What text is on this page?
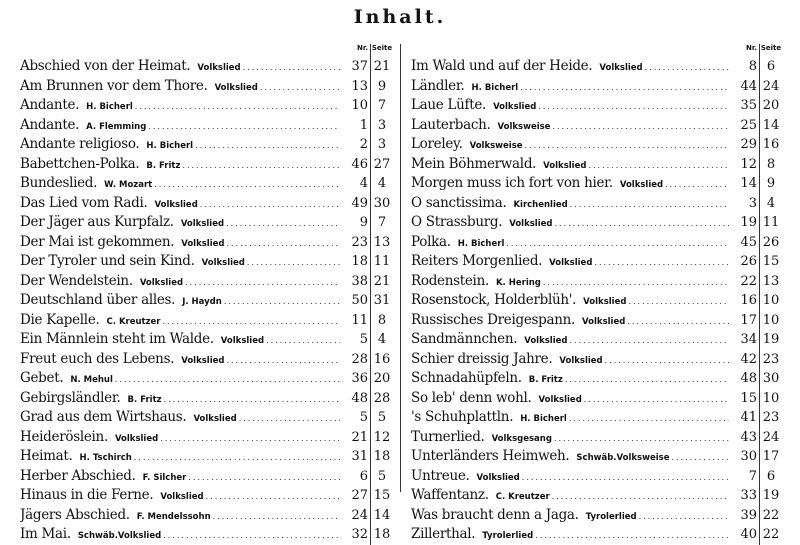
Inhalt.
Nr. Seite
Abschied von der Heimat. Volkslied .....	37 21
Am Brunnen vor dem Thore. Volkslied .....	13 9
Andante. H. Bicherl .....	10 7
Andante. A. Flemming .....	1 3
Andante religioso. H. Bicherl .....	2 3
Babettchen-Polka. B. Fritz .....	46 27
Bundeslied. W. Mozart .....	4 4
Das Lied vom Radi. Volkslied .....	49 30
Der Jäger aus Kurpfalz. Volkslied .....	9 7
Der Mai ist gekommen. Volkslied .....	23 13
Der Tyroler und sein Kind. Volkslied .....	18 11
Der Wendelstein. Volkslied .....	38 21
Deutschland über alles. J. Haydn .....	50 31
Die Kapelle. C. Kreutzer .....	11 8
Ein Männlein steht im Walde. Volkslied .....	5 4
Freut euch des Lebens. Volkslied .....	28 16
Gebet. N. Mehul .....	36 20
Gebirgsländler. B. Fritz .....	48 28
Grad aus dem Wirtshaus. Volkslied .....	5 5
Heideröslein. Volkslied .....	21 12
Heimat. H. Tschirch .....	31 18
Herber Abschied. F. Silcher .....	6 5
Hinaus in die Ferne. Volkslied .....	27 15
Jägers Abschied. F. Mendelssohn .....	24 14
Im Mai. Schwäb.Volkslied .....	32 18
Nr. Seite
Im Wald und auf der Heide. Volkslied .....	8 6
Ländler. H. Bicherl .....	44 24
Laue Lüfte. Volkslied .....	35 20
Lauterbach. Volksweise .....	25 14
Loreley. Volksweise .....	29 16
Mein Böhmerwald. Volkslied .....	12 8
Morgen muss ich fort von hier. Volkslied .....	14 9
O sanctissima. Kirchenlied .....	3 4
O Strassburg. Volkslied .....	19 11
Polka. H. Bicherl .....	45 26
Reiters Morgenlied. Volkslied .....	26 15
Rodenstein. K. Hering .....	22 13
Rosenstock, Holderblüh'. Volkslied .....	16 10
Russisches Dreigespann. Volkslied .....	17 10
Sandmännchen. Volkslied .....	34 19
Schier dreissig Jahre. Volkslied .....	42 23
Schnadahüpfeln. B. Fritz .....	48 30
So leb' denn wohl. Volkslied .....	15 10
's Schuhplattln. H. Bicherl .....	41 23
Turnerlied. Volksgesang .....	43 24
Unterländers Heimweh. Schwäb.Volksweise .....	30 17
Untreue. Volkslied .....	7 6
Waffentanz. C. Kreutzer .....	33 19
Was braucht denn a Jaga. Tyrolerlied .....	39 22
Zillerthal. Tyrolerlied .....	40 22
